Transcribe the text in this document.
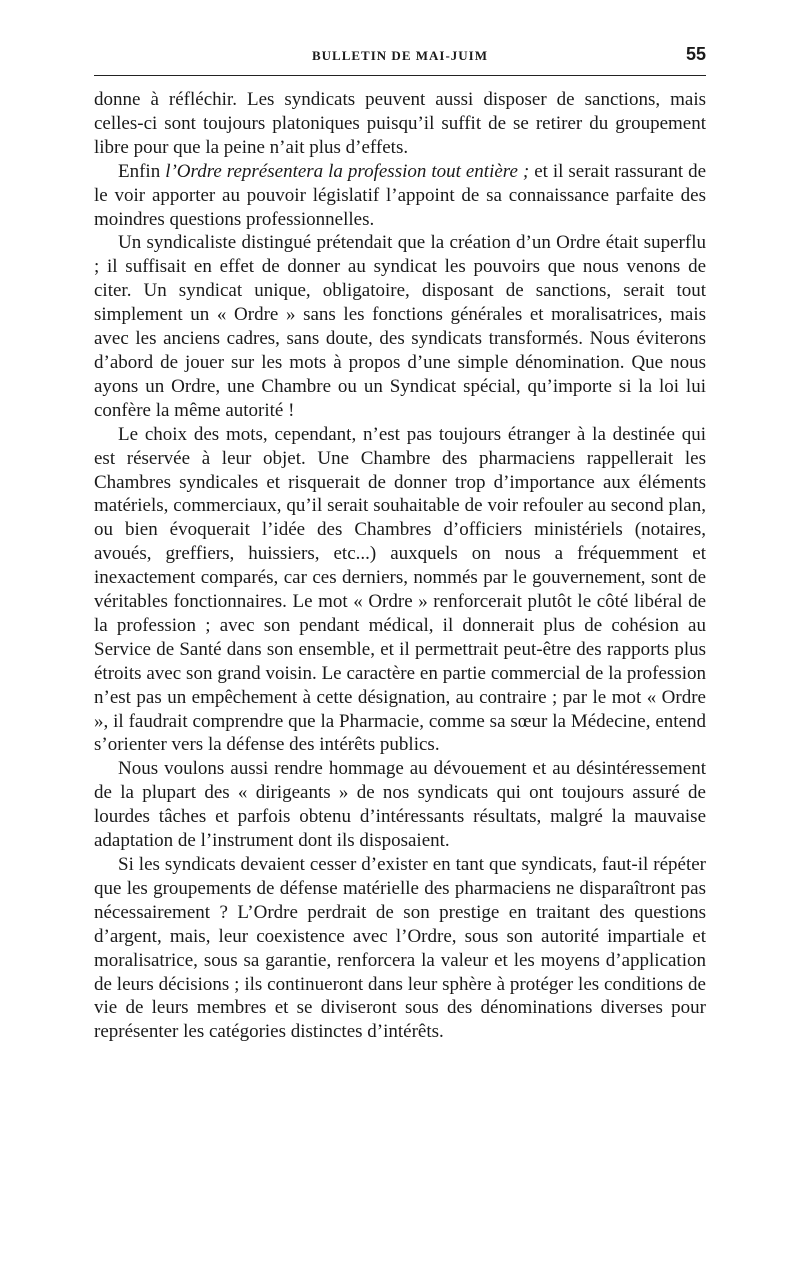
BULLETIN DE MAI-JUIM	55

donne à réfléchir. Les syndicats peuvent aussi disposer de sanctions, mais celles-ci sont toujours platoniques puisqu’il suffit de se retirer du groupement libre pour que la peine n’ait plus d’effets.

Enfin l’Ordre représentera la profession tout entière ; et il serait rassurant de le voir apporter au pouvoir législatif l’appoint de sa connaissance parfaite des moindres questions professionnelles.

Un syndicaliste distingué prétendait que la création d’un Ordre était superflu ; il suffisait en effet de donner au syndicat les pouvoirs que nous venons de citer. Un syndicat unique, obligatoire, disposant de sanctions, serait tout simplement un « Ordre » sans les fonctions générales et moralisatrices, mais avec les anciens cadres, sans doute, des syndicats transformés. Nous éviterons d’abord de jouer sur les mots à propos d’une simple dénomination. Que nous ayons un Ordre, une Chambre ou un Syndicat spécial, qu’importe si la loi lui confère la même autorité !

Le choix des mots, cependant, n’est pas toujours étranger à la destinée qui est réservée à leur objet. Une Chambre des pharmaciens rappellerait les Chambres syndicales et risquerait de donner trop d’importance aux éléments matériels, commerciaux, qu’il serait souhaitable de voir refouler au second plan, ou bien évoquerait l’idée des Chambres d’officiers ministériels (notaires, avoués, greffiers, huissiers, etc...) auxquels on nous a fréquemment et inexactement comparés, car ces derniers, nommés par le gouvernement, sont de véritables fonctionnaires. Le mot « Ordre » renforcerait plutôt le côté libéral de la profession ; avec son pendant médical, il donnerait plus de cohésion au Service de Santé dans son ensemble, et il permettrait peut-être des rapports plus étroits avec son grand voisin. Le caractère en partie commercial de la profession n’est pas un empêchement à cette désignation, au contraire ; par le mot « Ordre », il faudrait comprendre que la Pharmacie, comme sa sœur la Médecine, entend s’orienter vers la défense des intérêts publics.

Nous voulons aussi rendre hommage au dévouement et au désintéressement de la plupart des « dirigeants » de nos syndicats qui ont toujours assuré de lourdes tâches et parfois obtenu d’intéressants résultats, malgré la mauvaise adaptation de l’instrument dont ils disposaient.

Si les syndicats devaient cesser d’exister en tant que syndicats, faut-il répéter que les groupements de défense matérielle des pharmaciens ne disparaîtront pas nécessairement ? L’Ordre perdrait de son prestige en traitant des questions d’argent, mais, leur coexistence avec l’Ordre, sous son autorité impartiale et moralisatrice, sous sa garantie, renforcera la valeur et les moyens d’application de leurs décisions ; ils continueront dans leur sphère à protéger les conditions de vie de leurs membres et se diviseront sous des dénominations diverses pour représenter les catégories distinctes d’intérêts.
